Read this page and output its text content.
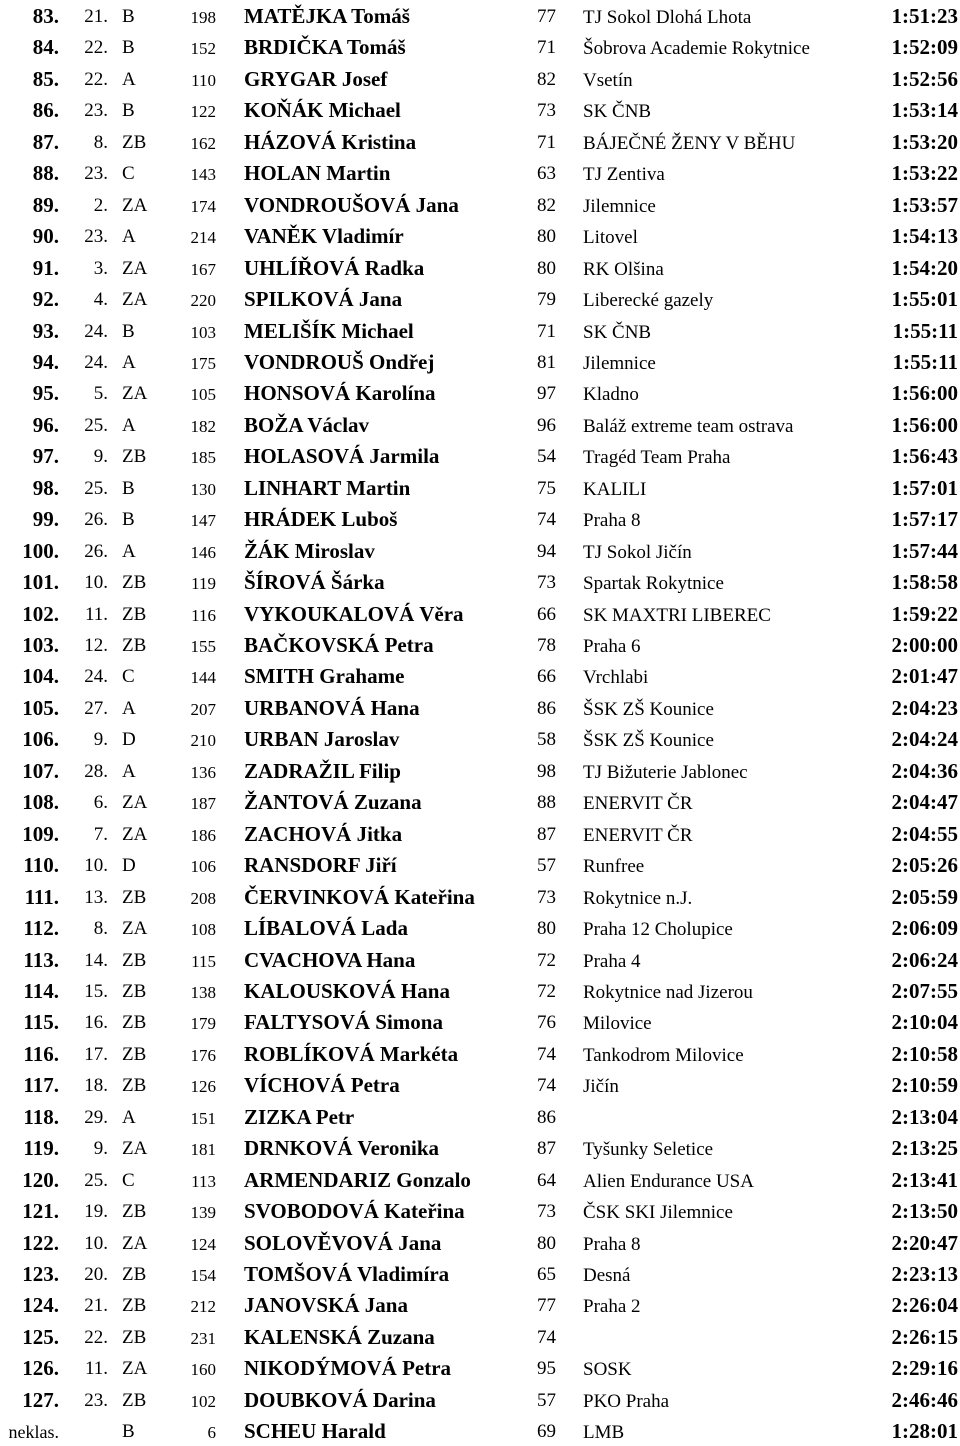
83. 21. B	198 MATĚJKA Tomáš	77 TJ Sokol Dlohá Lhota	1:51:23
84. 22. B	152 BRDIČKA Tomáš	71 Šobrova Academie Rokytnice	1:52:09
85. 22. A	110 GRYGAR Josef	82 Vsetín	1:52:56
86. 23. B	122 KOŇÁK Michael	73 SK ČNB	1:53:14
87. 8. ZB	162 HÁZOVÁ Kristina	71 BÁJEČNÉ ŽENY V BĚHU	1:53:20
88. 23. C	143 HOLAN Martin	63 TJ Zentiva	1:53:22
89. 2. ZA	174 VONDROUŠOVÁ Jana	82 Jilemnice	1:53:57
90. 23. A	214 VANĚK Vladimír	80 Litovel	1:54:13
91. 3. ZA	167 UHLÍŘOVÁ Radka	80 RK Olšina	1:54:20
92. 4. ZA	220 SPILKOVÁ Jana	79 Liberecké gazely	1:55:01
93. 24. B	103 MELIŠÍK Michael	71 SK ČNB	1:55:11
94. 24. A	175 VONDROUŠ Ondřej	81 Jilemnice	1:55:11
95. 5. ZA	105 HONSOVÁ Karolína	97 Kladno	1:56:00
96. 25. A	182 BOŽA Václav	96 Baláž extreme team ostrava	1:56:00
97. 9. ZB	185 HOLASOVÁ Jarmila	54 Tragéd Team Praha	1:56:43
98. 25. B	130 LINHART Martin	75 KALILI	1:57:01
99. 26. B	147 HRÁDEK Luboš	74 Praha 8	1:57:17
100. 26. A	146 ŽÁK Miroslav	94 TJ Sokol Jičín	1:57:44
101. 10. ZB	119 ŠÍROVÁ Šárka	73 Spartak Rokytnice	1:58:58
102. 11. ZB	116 VYKOUKALOVÁ Věra	66 SK MAXTRI LIBEREC	1:59:22
103. 12. ZB	155 BAČKOVSKÁ Petra	78 Praha 6	2:00:00
104. 24. C	144 SMITH Grahame	66 Vrchlabi	2:01:47
105. 27. A	207 URBANOVÁ Hana	86 ŠSK ZŠ Kounice	2:04:23
106. 9. D	210 URBAN Jaroslav	58 ŠSK ZŠ Kounice	2:04:24
107. 28. A	136 ZADRAŽIL Filip	98 TJ Bižuterie Jablonec	2:04:36
108. 6. ZA	187 ŽANTOVÁ Zuzana	88 ENERVIT ČR	2:04:47
109. 7. ZA	186 ZACHOVÁ Jitka	87 ENERVIT ČR	2:04:55
110. 10. D	106 RANSDORF Jiří	57 Runfree	2:05:26
111. 13. ZB	208 ČERVINKOVÁ Kateřina	73 Rokytnice n.J.	2:05:59
112. 8. ZA	108 LÍBALOVÁ Lada	80 Praha 12 Cholupice	2:06:09
113. 14. ZB	115 CVACHOVA Hana	72 Praha 4	2:06:24
114. 15. ZB	138 KALOUSKOVÁ Hana	72 Rokytnice nad Jizerou	2:07:55
115. 16. ZB	179 FALTYSOVÁ Simona	76 Milovice	2:10:04
116. 17. ZB	176 ROBLÍKOVÁ Markéta	74 Tankodrom Milovice	2:10:58
117. 18. ZB	126 VÍCHOVÁ Petra	74 Jičín	2:10:59
118. 29. A	151 ZIZKA Petr	86	2:13:04
119. 9. ZA	181 DRNKOVÁ Veronika	87 Tyšunky Seletice	2:13:25
120. 25. C	113 ARMENDARIZ Gonzalo	64 Alien Endurance USA	2:13:41
121. 19. ZB	139 SVOBODOVÁ Kateřina	73 ČSK SKI Jilemnice	2:13:50
122. 10. ZA	124 SOLOVĚVOVÁ Jana	80 Praha 8	2:20:47
123. 20. ZB	154 TOMŠOVÁ Vladimíra	65 Desná	2:23:13
124. 21. ZB	212 JANOVSKÁ Jana	77 Praha 2	2:26:04
125. 22. ZB	231 KALENSKÁ Zuzana	74	2:26:15
126. 11. ZA	160 NIKODÝMOVÁ Petra	95 SOSK	2:29:16
127. 23. ZB	102 DOUBKOVÁ Darina	57 PKO Praha	2:46:46
neklas.	B	6 SCHEU Harald	69 LMB	1:28:01
